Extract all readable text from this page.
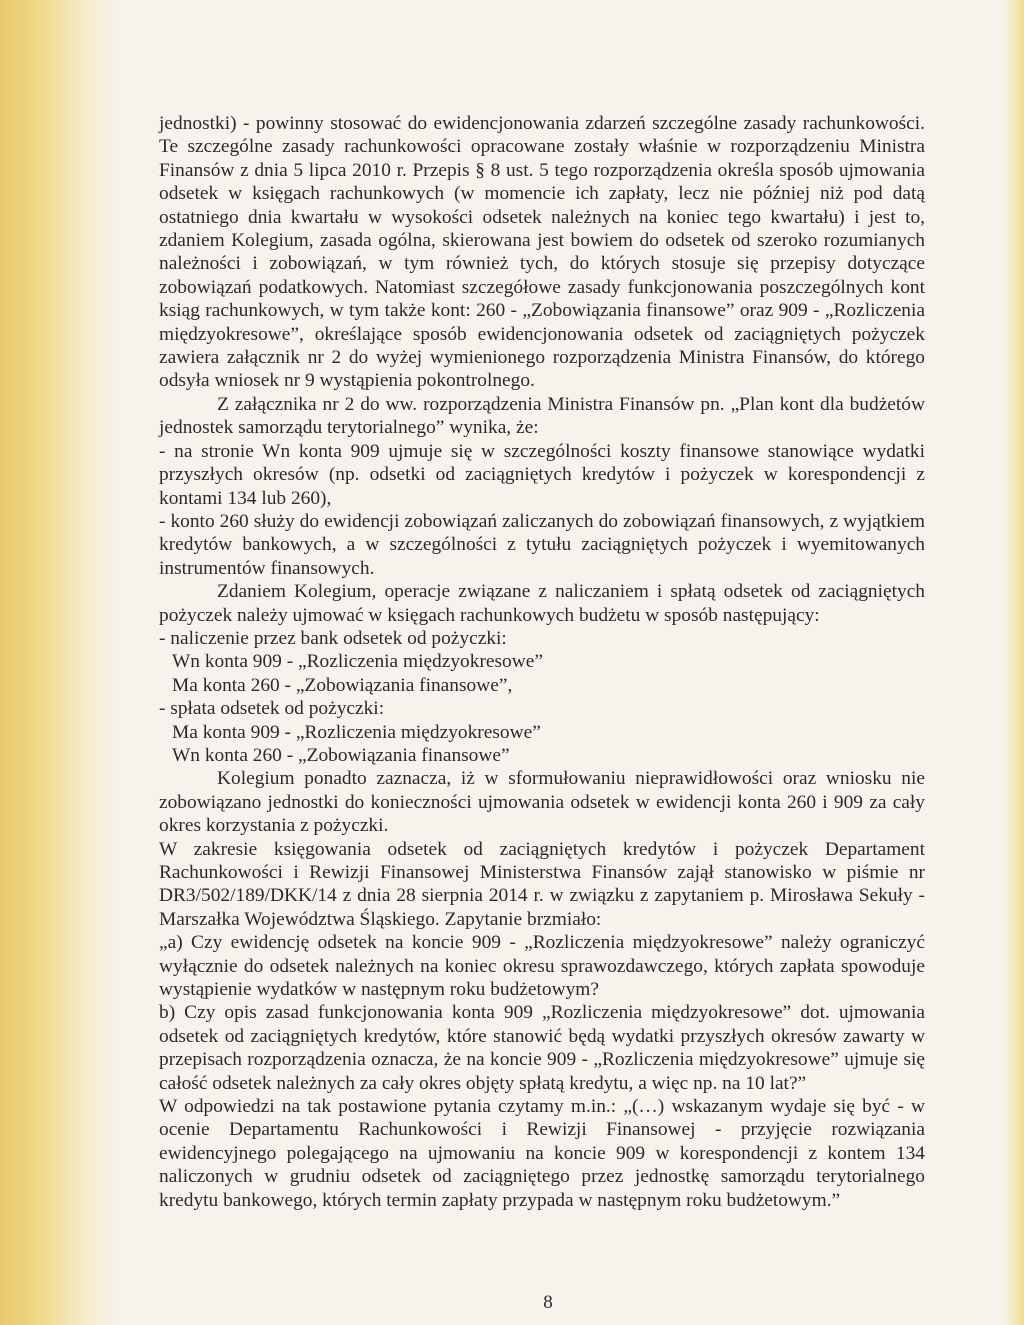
jednostki) - powinny stosować do ewidencjonowania zdarzeń szczególne zasady rachunkowości. Te szczególne zasady rachunkowości opracowane zostały właśnie w rozporządzeniu Ministra Finansów z dnia 5 lipca 2010 r. Przepis § 8 ust. 5 tego rozporządzenia określa sposób ujmowania odsetek w księgach rachunkowych (w momencie ich zapłaty, lecz nie później niż pod datą ostatniego dnia kwartału w wysokości odsetek należnych na koniec tego kwartału) i jest to, zdaniem Kolegium, zasada ogólna, skierowana jest bowiem do odsetek od szeroko rozumianych należności i zobowiązań, w tym również tych, do których stosuje się przepisy dotyczące zobowiązań podatkowych. Natomiast szczegółowe zasady funkcjonowania poszczególnych kont ksiąg rachunkowych, w tym także kont: 260 - „Zobowiązania finansowe” oraz 909 - „Rozliczenia międzyokresowe”, określające sposób ewidencjonowania odsetek od zaciągniętych pożyczek zawiera załącznik nr 2 do wyżej wymienionego rozporządzenia Ministra Finansów, do którego odsyła wniosek nr 9 wystąpienia pokontrolnego.

Z załącznika nr 2 do ww. rozporządzenia Ministra Finansów pn. „Plan kont dla budżetów jednostek samorządu terytorialnego” wynika, że:

- na stronie Wn konta 909 ujmuje się w szczególności koszty finansowe stanowiące wydatki przyszłych okresów (np. odsetki od zaciągniętych kredytów i pożyczek w korespondencji z kontami 134 lub 260),

- konto 260 służy do ewidencji zobowiązań zaliczanych do zobowiązań finansowych, z wyjątkiem kredytów bankowych, a w szczególności z tytułu zaciągniętych pożyczek i wyemitowanych instrumentów finansowych.

Zdaniem Kolegium, operacje związane z naliczaniem i spłatą odsetek od zaciągniętych pożyczek należy ujmować w księgach rachunkowych budżetu w sposób następujący:

- naliczenie przez bank odsetek od pożyczki:

Wn konta 909 - „Rozliczenia międzyokresowe”

Ma konta 260 - „Zobowiązania finansowe”,

- spłata odsetek od pożyczki:

Ma konta 909 - „Rozliczenia międzyokresowe”

Wn konta 260 - „Zobowiązania finansowe”

Kolegium ponadto zaznacza, iż w sformułowaniu nieprawidłowości oraz wniosku nie zobowiązano jednostki do konieczności ujmowania odsetek w ewidencji konta 260 i 909 za cały okres korzystania z pożyczki.

W zakresie księgowania odsetek od zaciągniętych kredytów i pożyczek Departament Rachunkowości i Rewizji Finansowej Ministerstwa Finansów zajął stanowisko w piśmie nr DR3/502/189/DKK/14 z dnia 28 sierpnia 2014 r. w związku z zapytaniem p. Mirosława Sekuły - Marszałka Województwa Śląskiego. Zapytanie brzmiało:

„a) Czy ewidencję odsetek na koncie 909 - „Rozliczenia międzyokresowe” należy ograniczyć wyłącznie do odsetek należnych na koniec okresu sprawozdawczego, których zapłata spowoduje wystąpienie wydatków w następnym roku budżetowym?

b) Czy opis zasad funkcjonowania konta 909 „Rozliczenia międzyokresowe” dot. ujmowania odsetek od zaciągniętych kredytów, które stanowić będą wydatki przyszłych okresów zawarty w przepisach rozporządzenia oznacza, że na koncie 909 - „Rozliczenia międzyokresowe” ujmuje się całość odsetek należnych za cały okres objęty spłatą kredytu, a więc np. na 10 lat?”

W odpowiedzi na tak postawione pytania czytamy m.in.: „(…) wskazanym wydaje się być - w ocenie Departamentu Rachunkowości i Rewizji Finansowej - przyjęcie rozwiązania ewidencyjnego polegającego na ujmowaniu na koncie 909 w korespondencji z kontem 134 naliczonych w grudniu odsetek od zaciągniętego przez jednostkę samorządu terytorialnego kredytu bankowego, których termin zapłaty przypada w następnym roku budżetowym.”

8
